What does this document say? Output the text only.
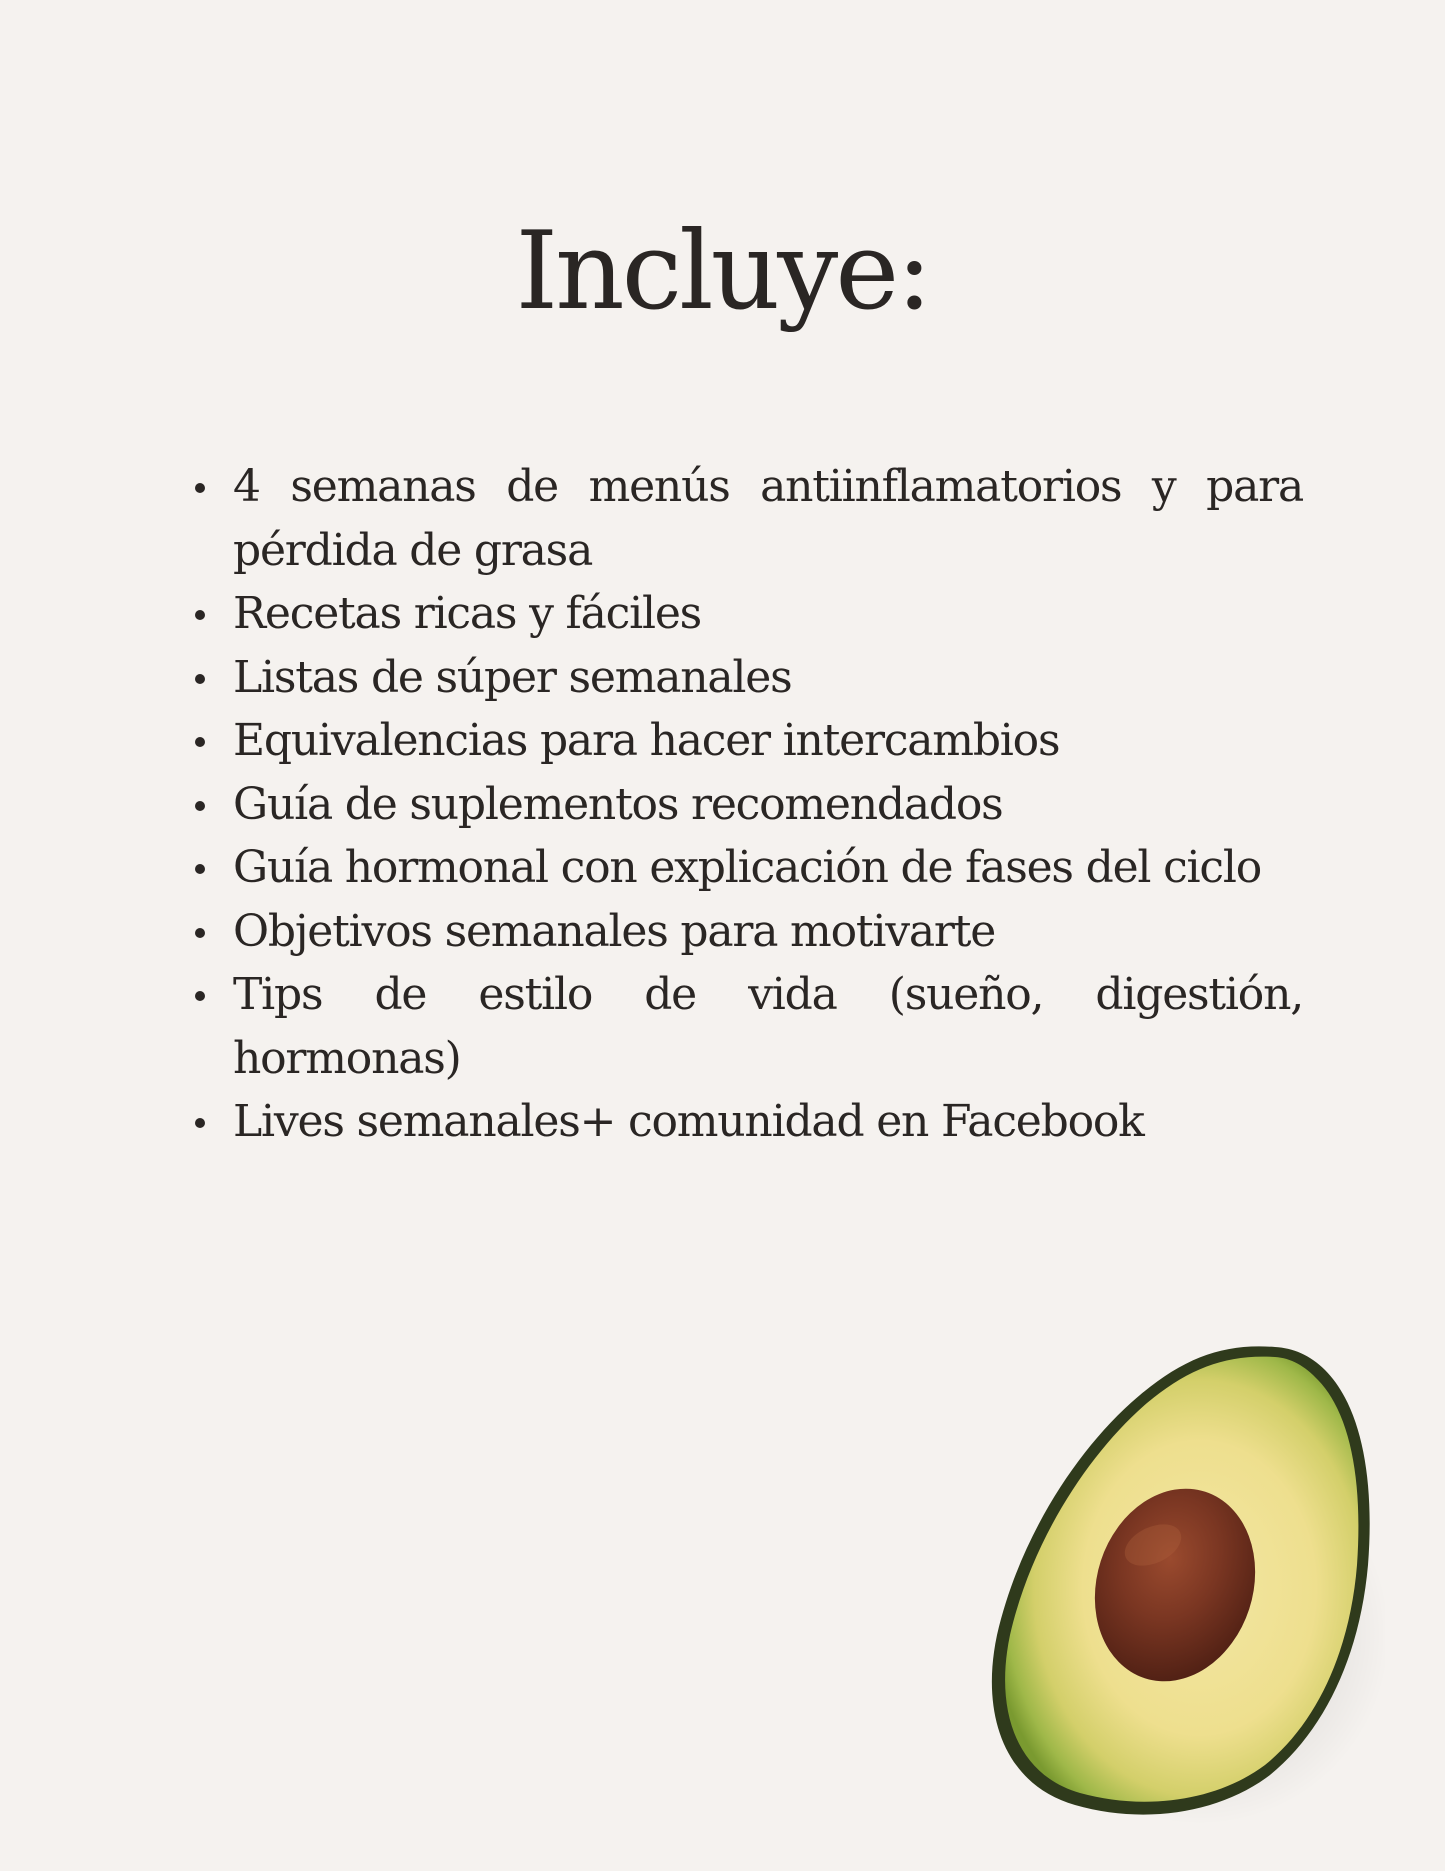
Incluye:
4 semanas de menús antiinflamatorios y para pérdida de grasa
Recetas ricas y fáciles
Listas de súper semanales
Equivalencias para hacer intercambios
Guía de suplementos recomendados
Guía hormonal con explicación de fases del ciclo
Objetivos semanales para motivarte
Tips de estilo de vida (sueño, digestión, hormonas)
Lives semanales+ comunidad en Facebook
